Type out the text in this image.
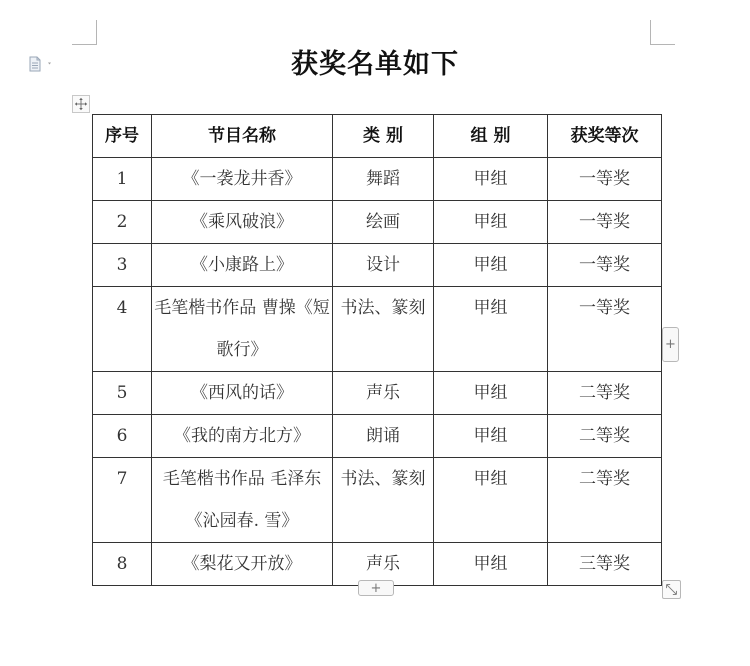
获奖名单如下
序号	节目名称	类 别	组 别	获奖等次
1	《一袭龙井香》	舞蹈	甲组	一等奖
2	《乘风破浪》	绘画	甲组	一等奖
3	《小康路上》	设计	甲组	一等奖
4	毛笔楷书作品 曹操《短歌行》	书法、篆刻	甲组	一等奖
5	《西风的话》	声乐	甲组	二等奖
6	《我的南方北方》	朗诵	甲组	二等奖
7	毛笔楷书作品 毛泽东《沁园春. 雪》	书法、篆刻	甲组	二等奖
8	《梨花又开放》	声乐	甲组	三等奖
+
+
